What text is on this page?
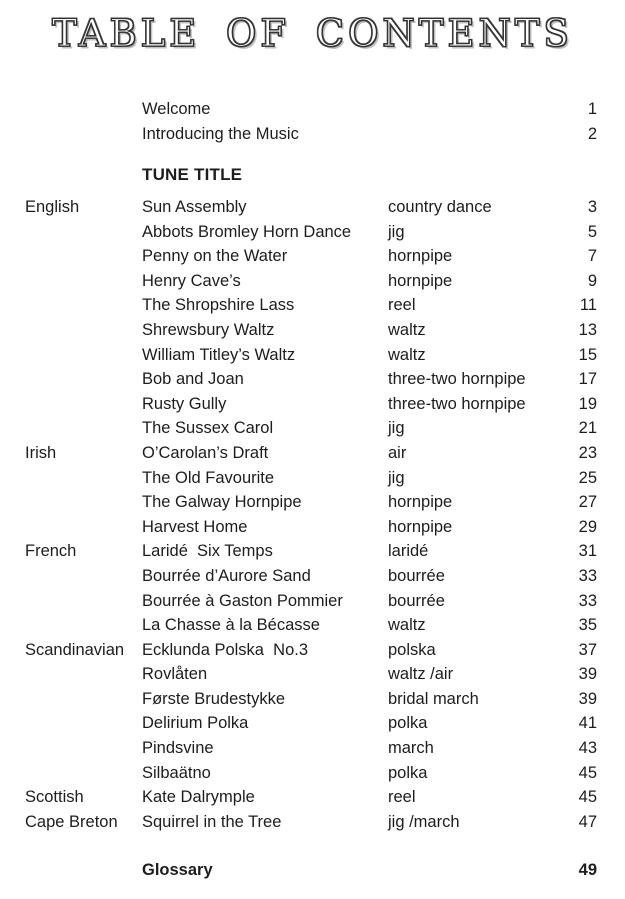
TABLE OF CONTENTS
Welcome	1
Introducing the Music	2
TUNE TITLE
English	Sun Assembly	country dance	3
Abbots Bromley Horn Dance	jig	5
Penny on the Water	hornpipe	7
Henry Cave’s	hornpipe	9
The Shropshire Lass	reel	11
Shrewsbury Waltz	waltz	13
William Titley’s Waltz	waltz	15
Bob and Joan	three-two hornpipe	17
Rusty Gully	three-two hornpipe	19
The Sussex Carol	jig	21
Irish	O’Carolan’s Draft	air	23
The Old Favourite	jig	25
The Galway Hornpipe	hornpipe	27
Harvest Home	hornpipe	29
French	Laridé  Six Temps	laridé	31
Bourrée d’Aurore Sand	bourrée	33
Bourrée à Gaston Pommier	bourrée	33
La Chasse à la Bécasse	waltz	35
Scandinavian	Ecklunda Polska  No.3	polska	37
Rovlåten	waltz /air	39
Første Brudestykke	bridal march	39
Delirium Polka	polka	41
Pindsvine	march	43
Silbaätno	polka	45
Scottish	Kate Dalrymple	reel	45
Cape Breton	Squirrel in the Tree	jig /march	47
Glossary	49
